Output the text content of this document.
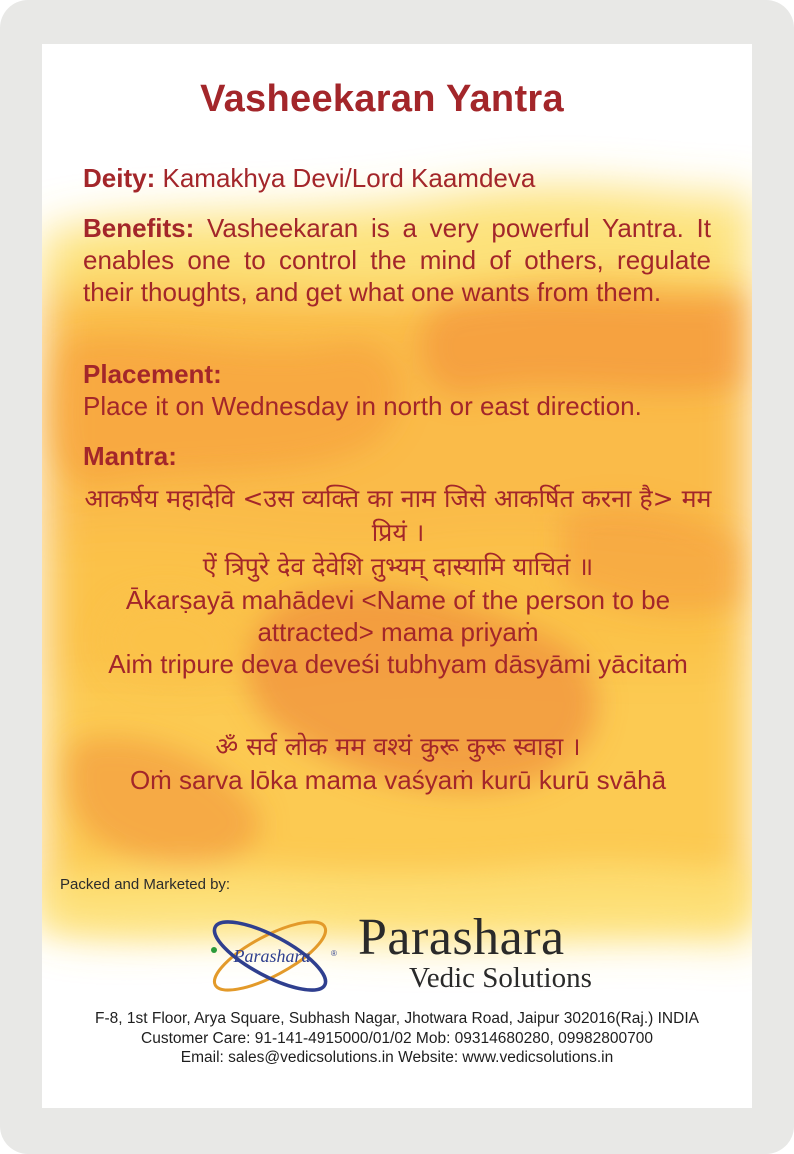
Vasheekaran Yantra
Deity: Kamakhya Devi/Lord Kaamdeva
Benefits: Vasheekaran is a very powerful Yantra. It enables one to control the mind of others, regulate their thoughts, and get what one wants from them.
Placement:
Place it on Wednesday in north or east direction.
Mantra:
आकर्षय महादेवि <उस व्यक्ति का नाम जिसे आकर्षित करना है> मम प्रियं ।
ऐं त्रिपुरे देव देवेशि तुभ्यम् दास्यामि याचितं ॥
Ākarṣayā mahādevi <Name of the person to be attracted> mama priyaṁ
Aiṁ tripure deva deveśi tubhyam dāsyāmi yācitaṁ
ॐ सर्व लोक मम वश्यं कुरू कुरू स्वाहा ।
Oṁ sarva lōka mama vaśyaṁ kurū kurū svāhā
Packed and Marketed by:
Parashara	® Parashara
Vedic Solutions
F-8, 1st Floor, Arya Square, Subhash Nagar, Jhotwara Road, Jaipur 302016(Raj.) INDIA
Customer Care: 91-141-4915000/01/02 Mob: 09314680280, 09982800700
Email: sales@vedicsolutions.in Website: www.vedicsolutions.in
